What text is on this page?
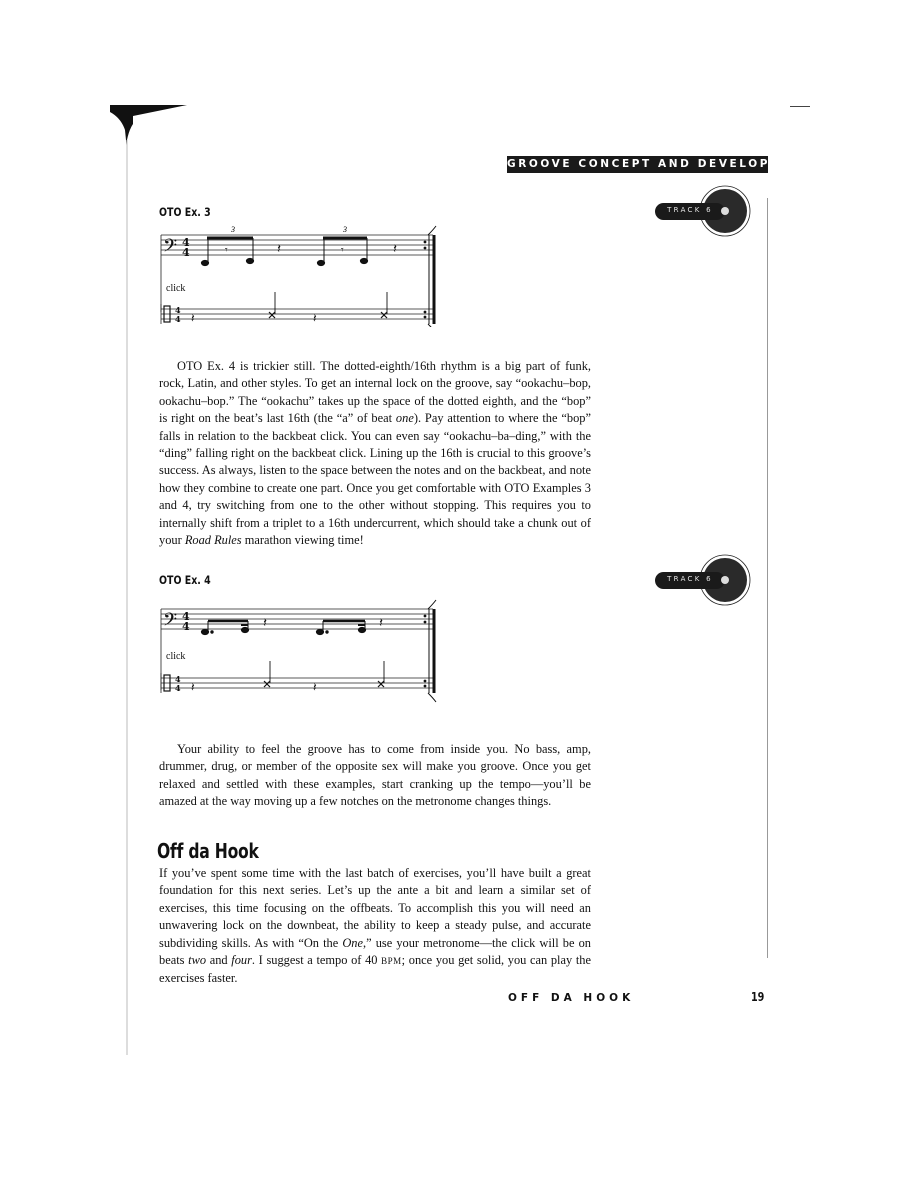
GROOVE CONCEPT AND DEVELOPMENT
OTO Ex. 3	TRACK 6
𝄢 4
4	𝄾	𝄽	𝄾	𝄽
3	3
4
4 𝄽	𝄽
click

OTO Ex. 4 is trickier still. The dotted-eighth/16th rhythm is a big part of funk, rock, Latin, and other styles. To get an internal lock on the groove, say “ookachu–bop, ookachu–bop.” The “ookachu” takes up the space of the dotted eighth, and the “bop” is right on the beat’s last 16th (the “a” of beat one). Pay attention to where the “bop” falls in relation to the backbeat click. You can even say “ookachu–ba–ding,” with the “ding” falling right on the backbeat click. Lining up the 16th is crucial to this groove’s success. As always, listen to the space between the notes and on the backbeat, and note how they combine to create one part. Once you get comfortable with OTO Examples 3 and 4, try switching from one to the other without stopping. This requires you to internally shift from a triplet to a 16th undercurrent, which should take a chunk out of your Road Rules marathon viewing time!

OTO Ex. 4	TRACK 6
𝄢 4
4	𝄽	𝄽
4
4 𝄽	𝄽
click

Your ability to feel the groove has to come from inside you. No bass, amp, drummer, drug, or member of the opposite sex will make you groove. Once you get relaxed and settled with these examples, start cranking up the tempo—you’ll be amazed at the way moving up a few notches on the metronome changes things.

Off da Hook

If you’ve spent some time with the last batch of exercises, you’ll have built a great foundation for this next series. Let’s up the ante a bit and learn a similar set of exercises, this time focusing on the offbeats. To accomplish this you will need an unwavering lock on the downbeat, the ability to keep a steady pulse, and accurate subdividing skills. As with “On the One,” use your metronome—the click will be on beats two and four. I suggest a tempo of 40 BPM; once you get solid, you can play the exercises faster.

OFF DA HOOK	19
